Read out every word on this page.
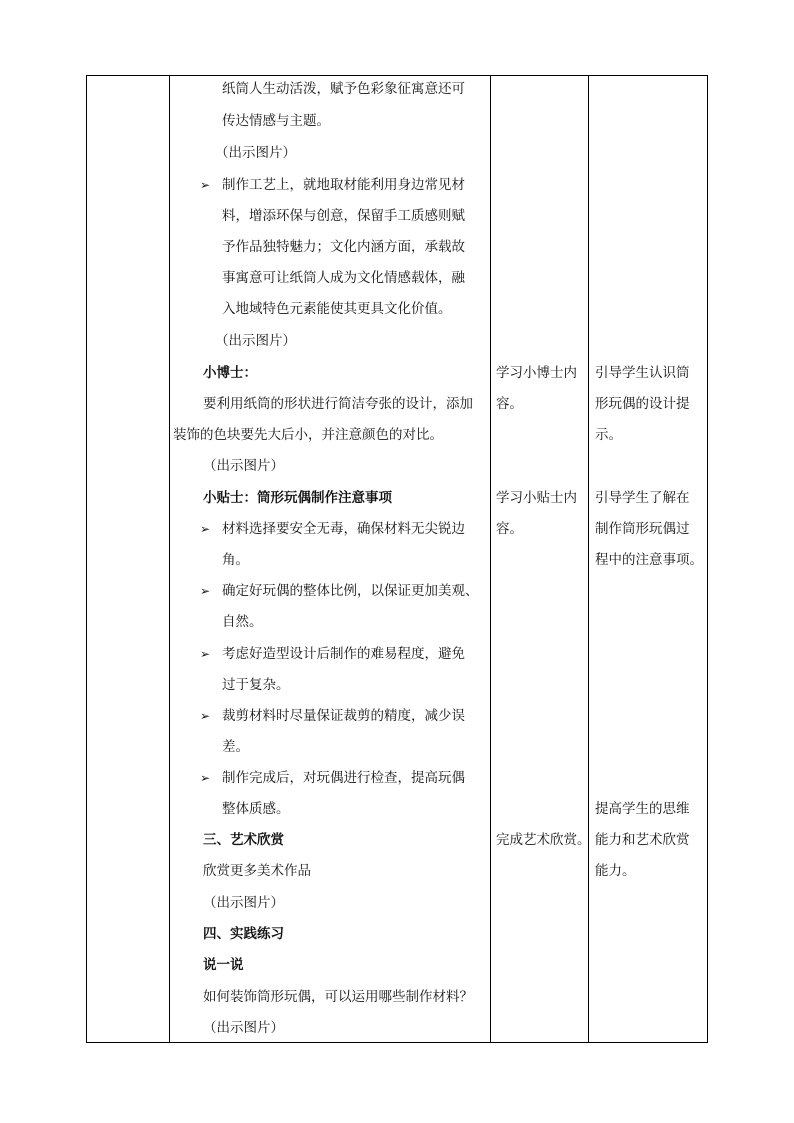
纸筒人生动活泼，赋予色彩象征寓意还可
传达情感与主题。
（出示图片）
➢ 制作工艺上，就地取材能利用身边常见材
料，增添环保与创意，保留手工质感则赋
予作品独特魅力；文化内涵方面，承载故
事寓意可让纸筒人成为文化情感载体，融
入地域特色元素能使其更具文化价值。
（出示图片）
小博士：
要利用纸筒的形状进行简洁夸张的设计，添加
装饰的色块要先大后小，并注意颜色的对比。
（出示图片）
小贴士：筒形玩偶制作注意事项
➢ 材料选择要安全无毒，确保材料无尖锐边
角。
➢ 确定好玩偶的整体比例，以保证更加美观、
自然。
➢ 考虑好造型设计后制作的难易程度，避免
过于复杂。
➢ 裁剪材料时尽量保证裁剪的精度，减少误
差。
➢ 制作完成后，对玩偶进行检查，提高玩偶
整体质感。
三、艺术欣赏
欣赏更多美术作品
（出示图片）
四、实践练习
说一说
如何装饰筒形玩偶，可以运用哪些制作材料？
（出示图片）
学习小博士内
容。
学习小贴士内
容。
完成艺术欣赏。
引导学生认识筒
形玩偶的设计提
示。
引导学生了解在
制作筒形玩偶过
程中的注意事项。
提高学生的思维
能力和艺术欣赏
能力。
